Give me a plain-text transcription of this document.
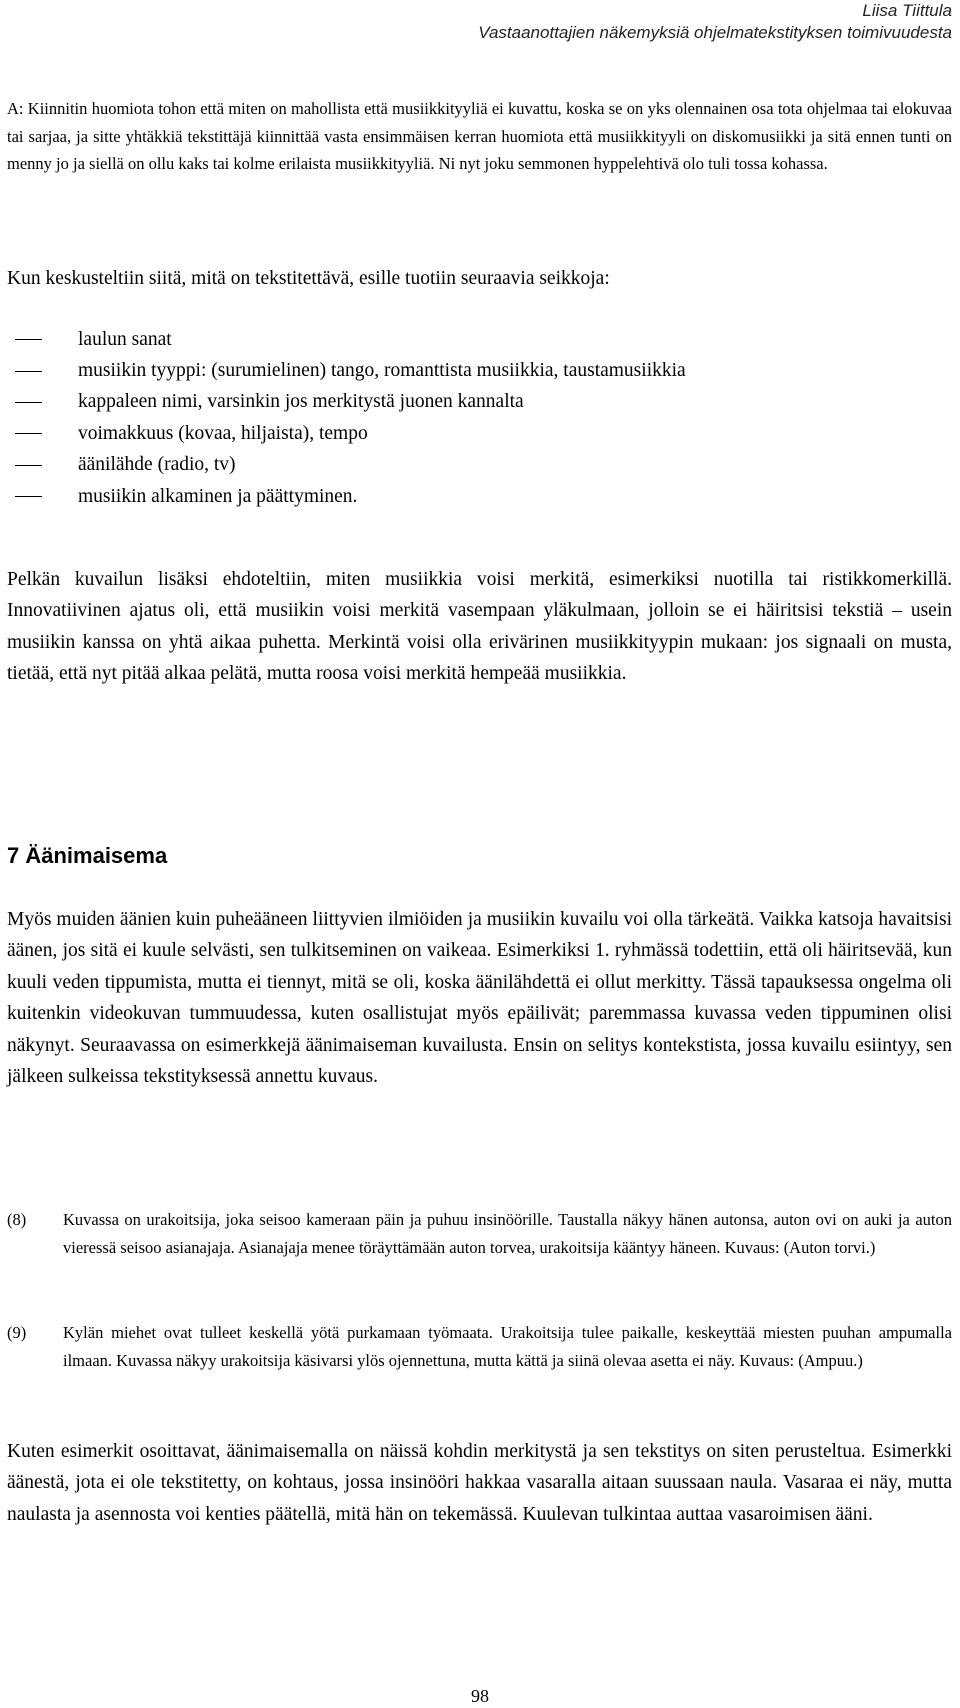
Liisa Tiittula
Vastaanottajien näkemyksiä ohjelmatekstityksen toimivuudesta
A: Kiinnitin huomiota tohon että miten on mahollista että musiikkityyliä ei kuvattu, koska se on yks olennainen osa tota ohjelmaa tai elokuvaa tai sarjaa, ja sitte yhtäkkiä tekstittäjä kiinnittää vasta ensimmäisen kerran huomiota että musiikkityyli on diskomusiikki ja sitä ennen tunti on menny jo ja siellä on ollu kaks tai kolme erilaista musiikkityyliä. Ni nyt joku semmonen hyppelehtivä olo tuli tossa kohassa.
Kun keskusteltiin siitä, mitä on tekstitettävä, esille tuotiin seuraavia seikkoja:
laulun sanat
musiikin tyyppi: (surumielinen) tango, romanttista musiikkia, taustamusiikkia
kappaleen nimi, varsinkin jos merkitystä juonen kannalta
voimakkuus (kovaa, hiljaista), tempo
äänilähde (radio, tv)
musiikin alkaminen ja päättyminen.
Pelkän kuvailun lisäksi ehdoteltiin, miten musiikkia voisi merkitä, esimerkiksi nuotilla tai ristikkomerkillä. Innovatiivinen ajatus oli, että musiikin voisi merkitä vasempaan yläkulmaan, jolloin se ei häiritsisi tekstiä – usein musiikin kanssa on yhtä aikaa puhetta. Merkintä voisi olla erivärinen musiikkityypin mukaan: jos signaali on musta, tietää, että nyt pitää alkaa pelätä, mutta roosa voisi merkitä hempeää musiikkia.
7 Äänimaisema
Myös muiden äänien kuin puheääneen liittyvien ilmiöiden ja musiikin kuvailu voi olla tärkeätä. Vaikka katsoja havaitsisi äänen, jos sitä ei kuule selvästi, sen tulkitseminen on vaikeaa. Esimerkiksi 1. ryhmässä todettiin, että oli häiritsevää, kun kuuli veden tippumista, mutta ei tiennyt, mitä se oli, koska äänilähdettä ei ollut merkitty. Tässä tapauksessa ongelma oli kuitenkin videokuvan tummuudessa, kuten osallistujat myös epäilivät; paremmassa kuvassa veden tippuminen olisi näkynyt. Seuraavassa on esimerkkejä äänimaiseman kuvailusta. Ensin on selitys kontekstista, jossa kuvailu esiintyy, sen jälkeen sulkeissa tekstityksessä annettu kuvaus.
(8)	Kuvassa on urakoitsija, joka seisoo kameraan päin ja puhuu insinöörille. Taustalla näkyy hänen autonsa, auton ovi on auki ja auton vieressä seisoo asianajaja. Asianajaja menee töräyttämään auton torvea, urakoitsija kääntyy häneen. Kuvaus: (Auton torvi.)
(9)	Kylän miehet ovat tulleet keskellä yötä purkamaan työmaata. Urakoitsija tulee paikalle, keskeyttää miesten puuhan ampumalla ilmaan. Kuvassa näkyy urakoitsija käsivarsi ylös ojennettuna, mutta kättä ja siinä olevaa asetta ei näy. Kuvaus: (Ampuu.)
Kuten esimerkit osoittavat, äänimaisemalla on näissä kohdin merkitystä ja sen tekstitys on siten perusteltua. Esimerkki äänestä, jota ei ole tekstitetty, on kohtaus, jossa insinööri hakkaa vasaralla aitaan suussaan naula. Vasaraa ei näy, mutta naulasta ja asennosta voi kenties päätellä, mitä hän on tekemässä. Kuulevan tulkintaa auttaa vasaroimisen ääni.
98
